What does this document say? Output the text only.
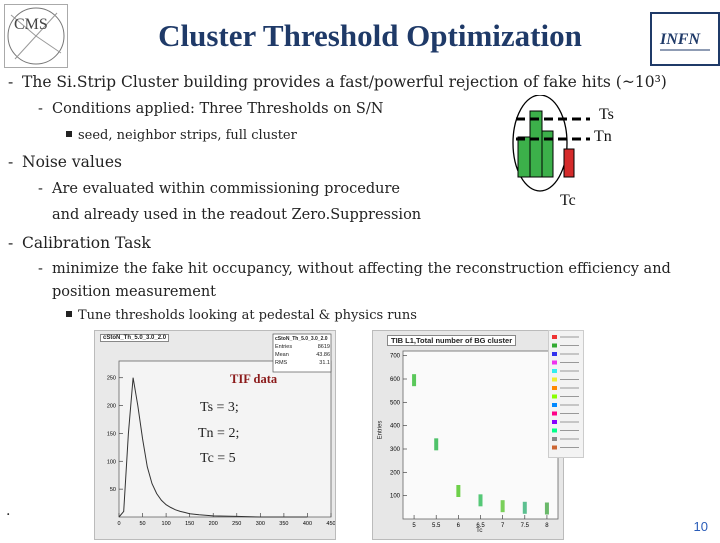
CMS
INFN
Cluster Threshold Optimization
- The Si.Strip Cluster building provides a fast/powerful rejection of fake hits (~10³)
- Conditions applied: Three Thresholds on S/N
seed, neighbor strips, full cluster
- Noise values
- Are evaluated within commissioning procedure
and already used in the readout Zero.Suppression
- Calibration Task
- minimize the fake hit occupancy, without affecting the reconstruction efficiency and
position measurement
Tune thresholds looking at pedestal & physics runs
Ts
Tn
Tc
250
200
150
100
50
0	50	100	150	200	250	300	350	400	450
cStoN_Th_5.0_3.0_2.0	cStoN_Th_5.0_3.0_2.0
Entries	8619
Mean	43.86
RMS	31.1
700
600
500
400
300
200
100
5	5.5	6	6.5	7	7.5	8
TIB L1,Total number of BG cluster
Entries
Tc
TIF data
Ts = 3;
Tn = 2;
Tc = 5
.
10
